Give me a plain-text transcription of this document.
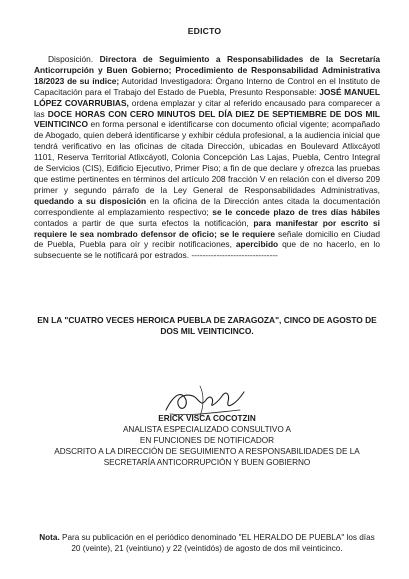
EDICTO
Disposición. Directora de Seguimiento a Responsabilidades de la Secretaría Anticorrupción y Buen Gobierno; Procedimiento de Responsabilidad Administrativa 18/2023 de su índice; Autoridad Investigadora: Órgano Interno de Control en el Instituto de Capacitación para el Trabajo del Estado de Puebla, Presunto Responsable: JOSÉ MANUEL LÓPEZ COVARRUBIAS, ordena emplazar y citar al referido encausado para comparecer a las DOCE HORAS CON CERO MINUTOS DEL DÍA DIEZ DE SEPTIEMBRE DE DOS MIL VEINTICINCO en forma personal e identificarse con documento oficial vigente; acompañado de Abogado, quien deberá identificarse y exhibir cédula profesional, a la audiencia inicial que tendrá verificativo en las oficinas de citada Dirección, ubicadas en Boulevard Atlixcáyotl 1101, Reserva Territorial Atlixcáyotl, Colonia Concepción Las Lajas, Puebla, Centro Integral de Servicios (CIS), Edificio Ejecutivo, Primer Piso; a fin de que declare y ofrezca las pruebas que estime pertinentes en términos del artículo 208 fracción V en relación con el diverso 209 primer y segundo párrafo de la Ley General de Responsabilidades Administrativas, quedando a su disposición en la oficina de la Dirección antes citada la documentación correspondiente al emplazamiento respectivo; se le concede plazo de tres días hábiles contados a partir de que surta efectos la notificación, para manifestar por escrito si requiere le sea nombrado defensor de oficio; se le requiere señale domicilio en Ciudad de Puebla, Puebla para oír y recibir notificaciones, apercibido que de no hacerlo, en lo subsecuente se le notificará por estrados. -------------------------------
EN LA "CUATRO VECES HEROICA PUEBLA DE ZARAGOZA", CINCO DE AGOSTO DE DOS MIL VEINTICINCO.
ERICK VISCA COCOTZIN
ANALISTA ESPECIALIZADO CONSULTIVO A
EN FUNCIONES DE NOTIFICADOR
ADSCRITO A LA DIRECCIÓN DE SEGUIMIENTO A RESPONSABILIDADES DE LA
SECRETARÍA ANTICORRUPCIÓN Y BUEN GOBIERNO
Nota. Para su publicación en el periódico denominado "EL HERALDO DE PUEBLA" los días 20 (veinte), 21 (veintiuno) y 22 (veintidós) de agosto de dos mil veinticinco.
